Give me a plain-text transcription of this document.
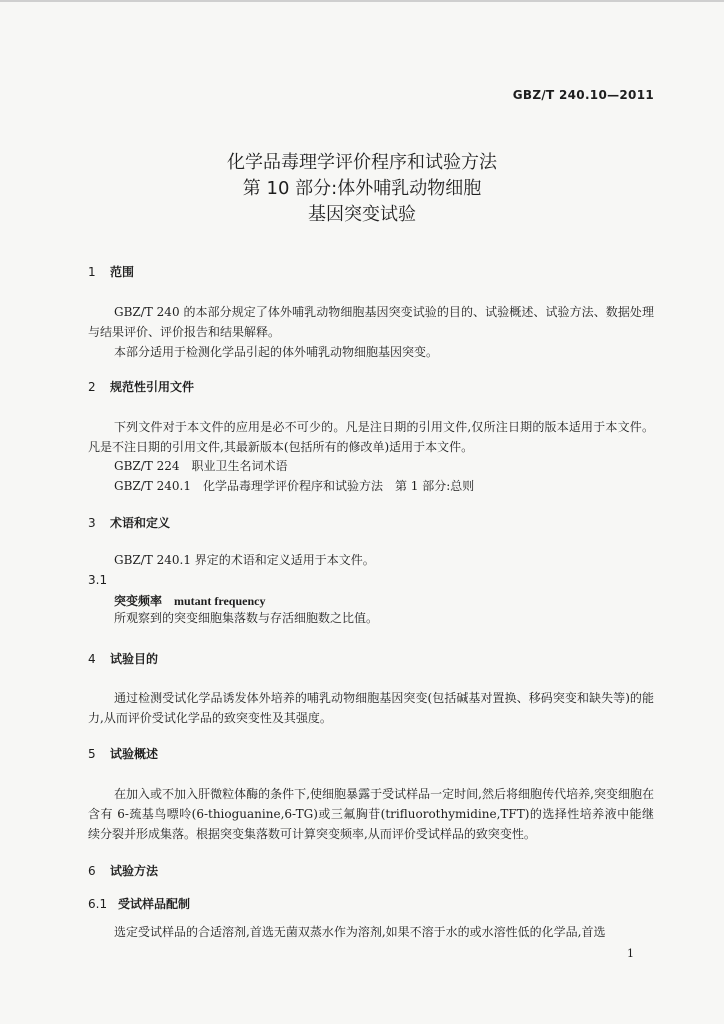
GBZ/T 240.10—2011
化学品毒理学评价程序和试验方法
第 10 部分:体外哺乳动物细胞
基因突变试验
1 范围
GBZ/T 240 的本部分规定了体外哺乳动物细胞基因突变试验的目的、试验概述、试验方法、数据处理与结果评价、评价报告和结果解释。
本部分适用于检测化学品引起的体外哺乳动物细胞基因突变。
2 规范性引用文件
下列文件对于本文件的应用是必不可少的。凡是注日期的引用文件,仅所注日期的版本适用于本文件。凡是不注日期的引用文件,其最新版本(包括所有的修改单)适用于本文件。
GBZ/T 224　职业卫生名词术语
GBZ/T 240.1　化学品毒理学评价程序和试验方法　第 1 部分:总则
3 术语和定义
GBZ/T 240.1 界定的术语和定义适用于本文件。
3.1
突变频率 mutant frequency
所观察到的突变细胞集落数与存活细胞数之比值。
4 试验目的
通过检测受试化学品诱发体外培养的哺乳动物细胞基因突变(包括碱基对置换、移码突变和缺失等)的能力,从而评价受试化学品的致突变性及其强度。
5 试验概述
在加入或不加入肝微粒体酶的条件下,使细胞暴露于受试样品一定时间,然后将细胞传代培养,突变细胞在含有 6-巯基鸟嘌呤(6-thioguanine,6-TG)或三氟胸苷(trifluorothymidine,TFT)的选择性培养液中能继续分裂并形成集落。根据突变集落数可计算突变频率,从而评价受试样品的致突变性。
6 试验方法
6.1 受试样品配制
选定受试样品的合适溶剂,首选无菌双蒸水作为溶剂,如果不溶于水的或水溶性低的化学品,首选
1
